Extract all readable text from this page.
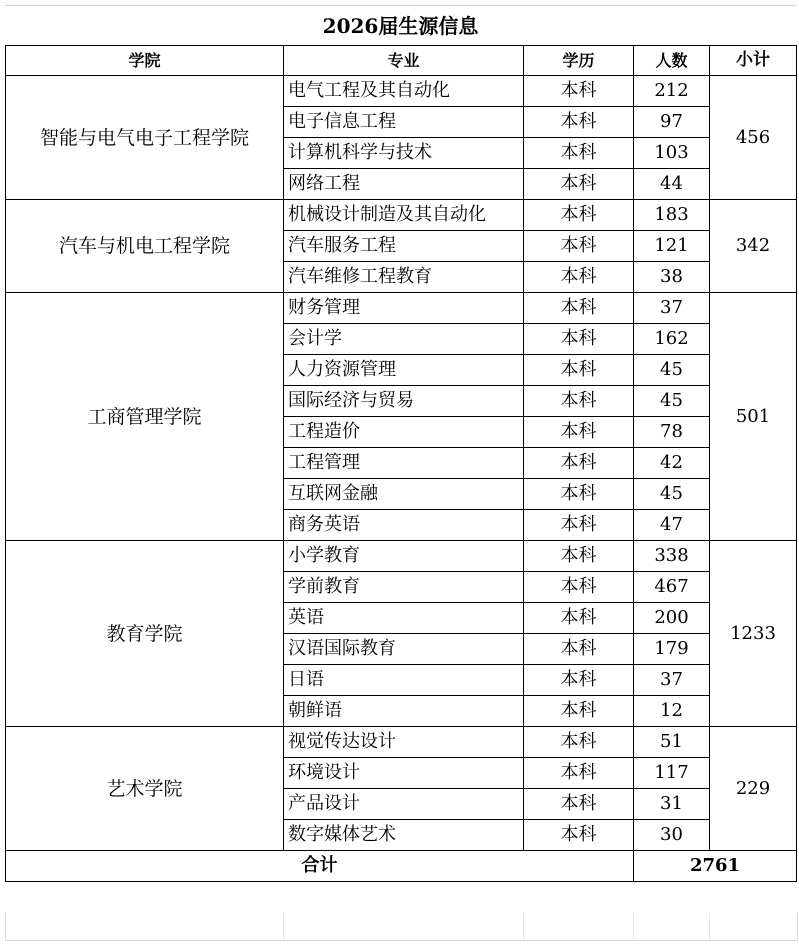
2026届生源信息
学院	专业	学历	人数	小计
智能与电气电子工程学院	电气工程及其自动化	本科	212	456
	电子信息工程	本科	97	
	计算机科学与技术	本科	103	
	网络工程	本科	44	
汽车与机电工程学院	机械设计制造及其自动化	本科	183	342
	汽车服务工程	本科	121	
	汽车维修工程教育	本科	38	
工商管理学院	财务管理	本科	37	501
	会计学	本科	162	
	人力资源管理	本科	45	
	国际经济与贸易	本科	45	
	工程造价	本科	78	
	工程管理	本科	42	
	互联网金融	本科	45	
	商务英语	本科	47	
教育学院	小学教育	本科	338	1233
	学前教育	本科	467	
	英语	本科	200	
	汉语国际教育	本科	179	
	日语	本科	37	
	朝鲜语	本科	12	
艺术学院	视觉传达设计	本科	51	229
	环境设计	本科	117	
	产品设计	本科	31	
	数字媒体艺术	本科	30	
合计			2761	
